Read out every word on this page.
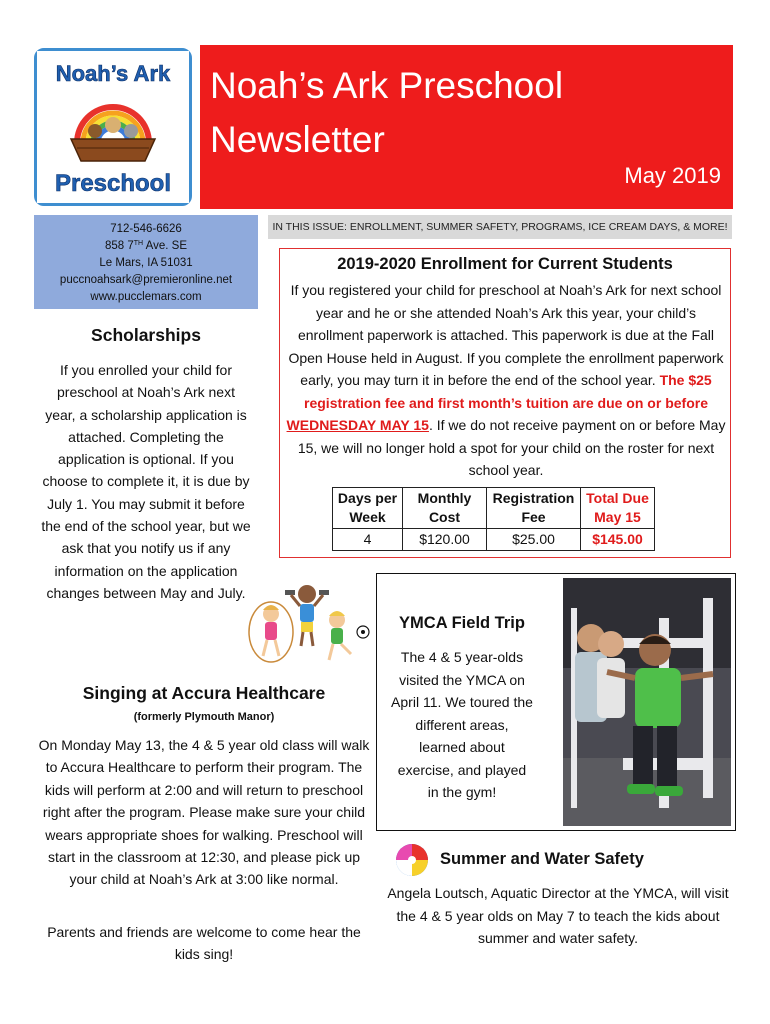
Noah’s Ark
Preschool
Noah’s Ark Preschool
Newsletter
May 2019
712-546-6626
858 7TH Ave. SE
Le Mars, IA 51031
puccnoahsark@premieronline.net
www.pucclemars.com
IN THIS ISSUE: ENROLLMENT, SUMMER SAFETY, PROGRAMS, ICE CREAM DAYS, & MORE!
2019-2020 Enrollment for Current Students
If you registered your child for preschool at Noah’s Ark for next school year and he or she attended Noah’s Ark this year, your child’s enrollment paperwork is attached. This paperwork is due at the Fall Open House held in August. If you complete the enrollment paperwork early, you may turn it in before the end of the school year. The $25 registration fee and first month’s tuition are due on or before WEDNESDAY MAY 15. If we do not receive payment on or before May 15, we will no longer hold a spot for your child on the roster for next school year.
Days per Week	Monthly Cost	Registration Fee	Total Due May 15
4	$120.00	$25.00	$145.00
Scholarships
If you enrolled your child for preschool at Noah’s Ark next year, a scholarship application is attached. Completing the application is optional. If you choose to complete it, it is due by July 1. You may submit it before the end of the school year, but we ask that you notify us if any information on the application changes between May and July.
Singing at Accura Healthcare
(formerly Plymouth Manor)
On Monday May 13, the 4 & 5 year old class will walk to Accura Healthcare to perform their program. The kids will perform at 2:00 and will return to preschool right after the program. Please make sure your child wears appropriate shoes for walking. Preschool will start in the classroom at 12:30, and please pick up your child at Noah’s Ark at 3:00 like normal.
Parents and friends are welcome to come hear the kids sing!
YMCA Field Trip
The 4 & 5 year-olds visited the YMCA on April 11. We toured the different areas, learned about exercise, and played in the gym!
Summer and Water Safety
Angela Loutsch, Aquatic Director at the YMCA, will visit the 4 & 5 year olds on May 7 to teach the kids about summer and water safety.
